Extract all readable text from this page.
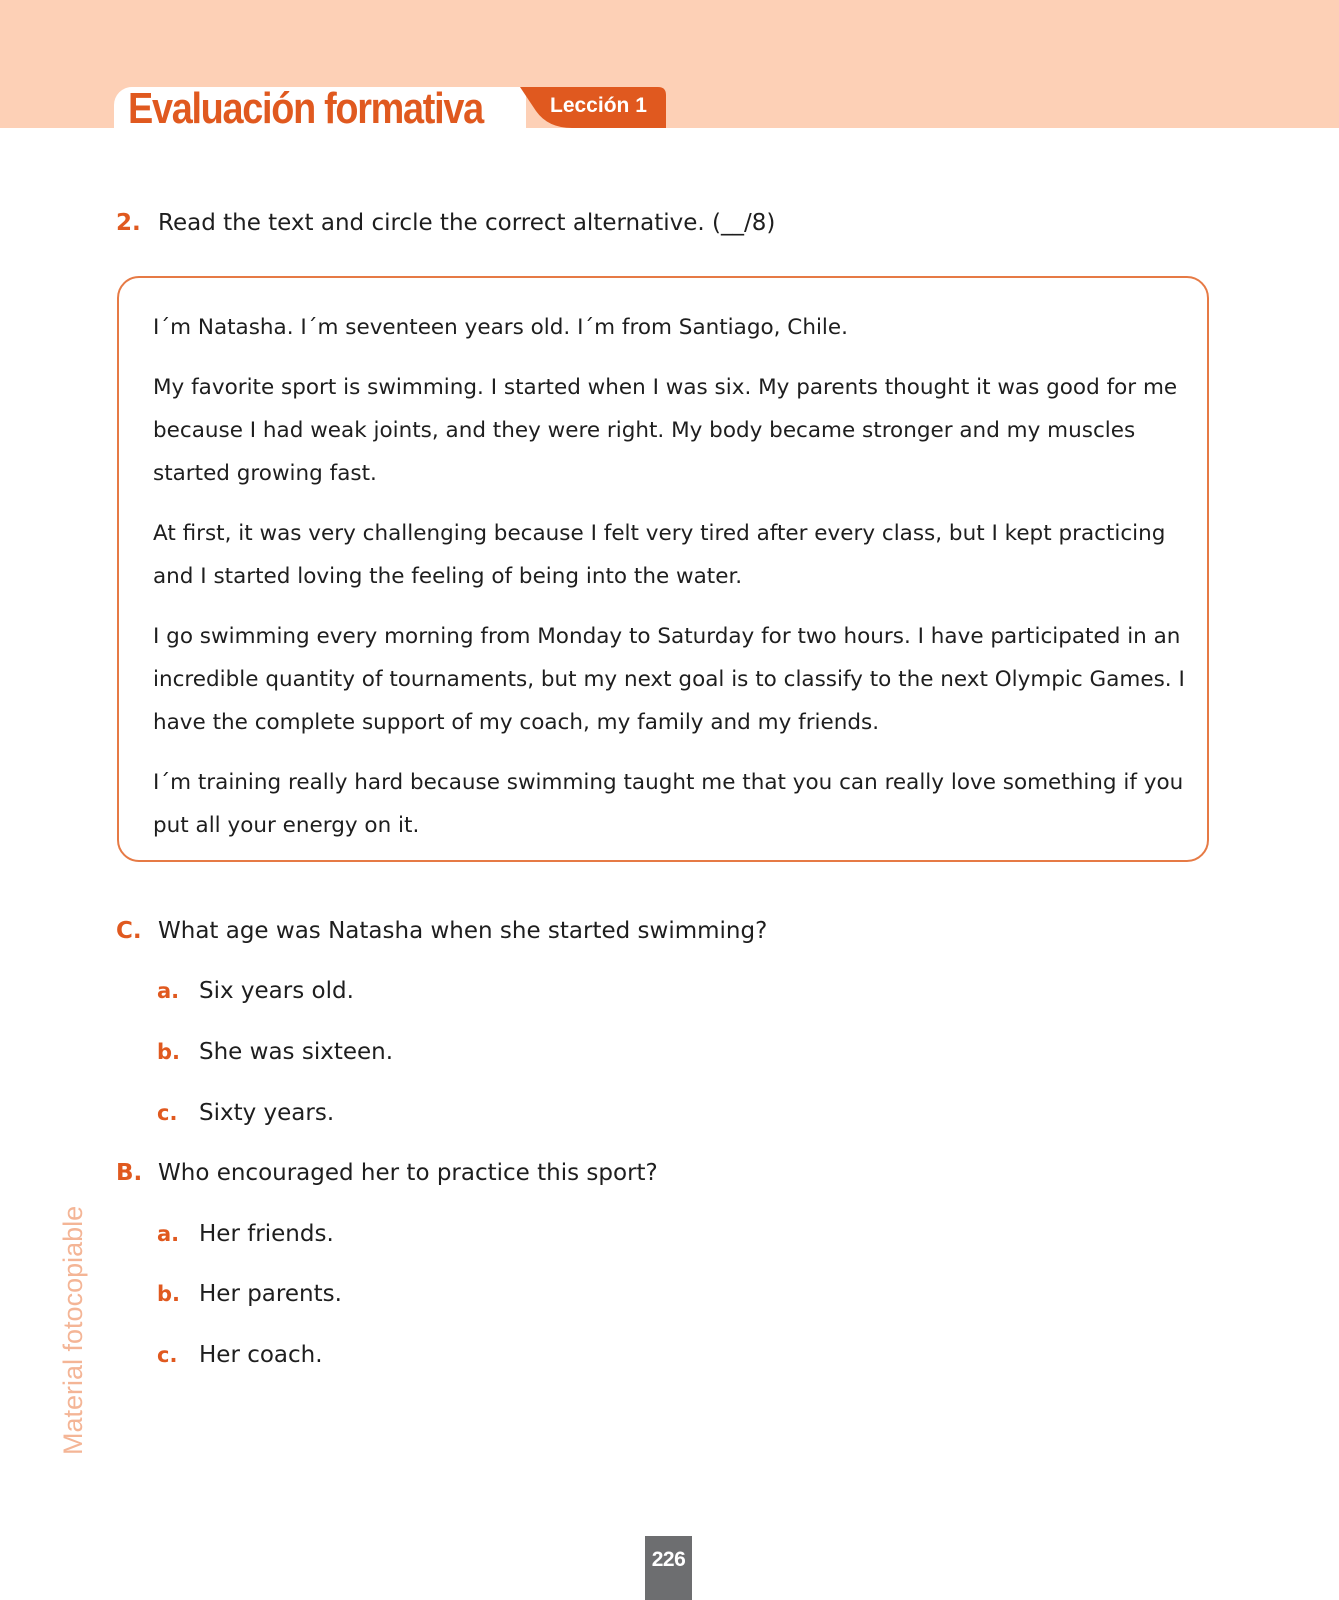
Evaluación formativa	Lección 1
2. Read the text and circle the correct alternative. (__/8)

I´m Natasha. I´m seventeen years old. I´m from Santiago, Chile.

My favorite sport is swimming. I started when I was six. My parents thought it was good for me because I had weak joints, and they were right. My body became stronger and my muscles started growing fast.

At first, it was very challenging because I felt very tired after every class, but I kept practicing and I started loving the feeling of being into the water.

I go swimming every morning from Monday to Saturday for two hours. I have participated in an incredible quantity of tournaments, but my next goal is to classify to the next Olympic Games. I have the complete support of my coach, my family and my friends.

I´m training really hard because swimming taught me that you can really love something if you put all your energy on it.

C. What age was Natasha when she started swimming?
a. Six years old.
b. She was sixteen.
c. Sixty years.
B. Who encouraged her to practice this sport?
a. Her friends.
b. Her parents.
c. Her coach.
Material fotocopiable
226
